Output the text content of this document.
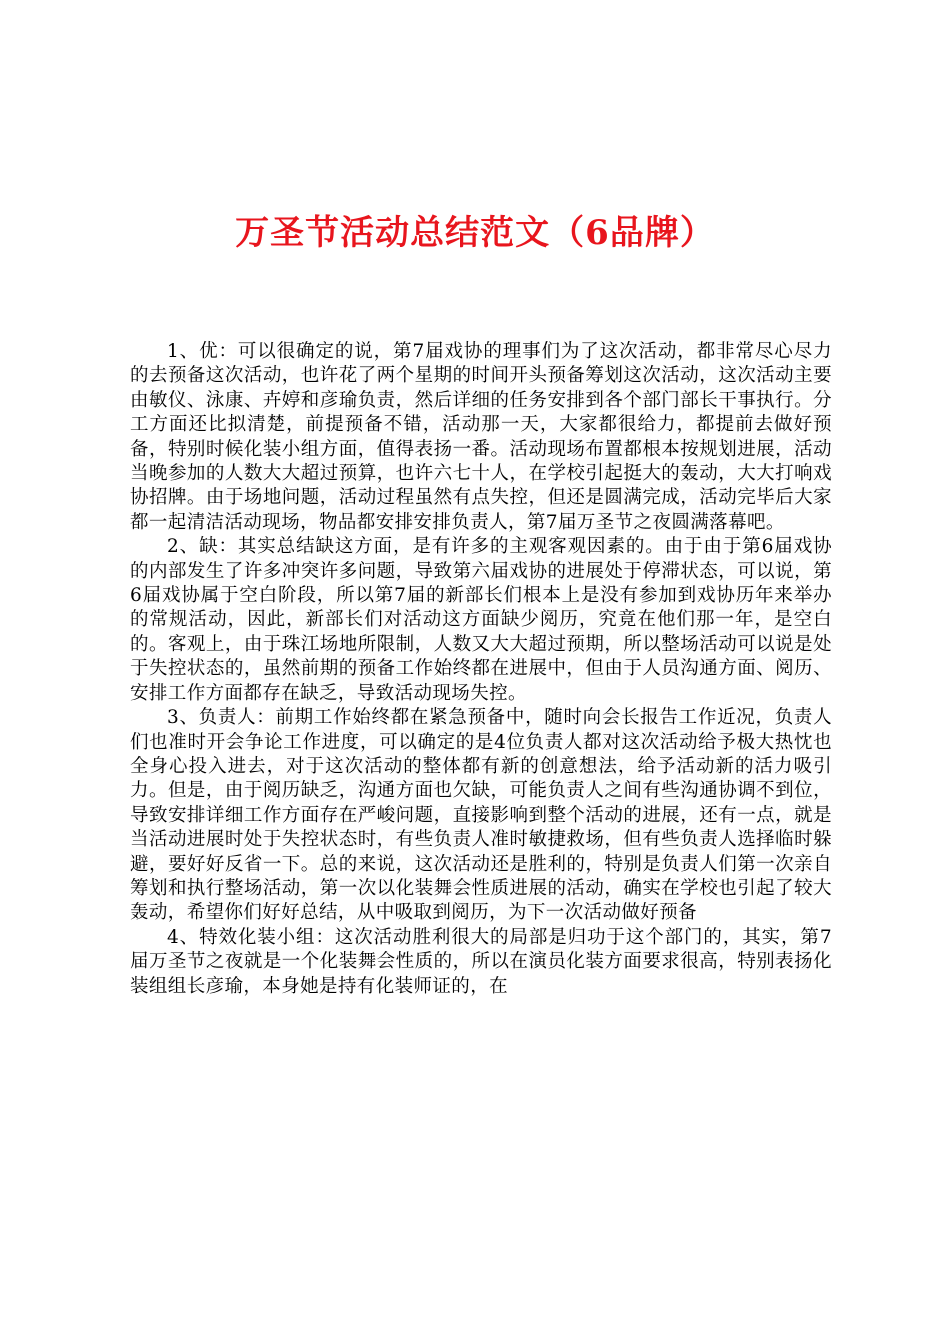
万圣节活动总结范文（6品牌）

1、优：可以很确定的说，第7届戏协的理事们为了这次活动，都非常尽心尽力的去预备这次活动，也许花了两个星期的时间开头预备筹划这次活动，这次活动主要由敏仪、泳康、卉婷和彦瑜负责，然后详细的任务安排到各个部门部长干事执行。分工方面还比拟清楚，前提预备不错，活动那一天，大家都很给力，都提前去做好预备，特别时候化装小组方面，值得表扬一番。活动现场布置都根本按规划进展，活动当晚参加的人数大大超过预算，也许六七十人，在学校引起挺大的轰动，大大打响戏协招牌。由于场地问题，活动过程虽然有点失控，但还是圆满完成，活动完毕后大家都一起清洁活动现场，物品都安排安排负责人，第7届万圣节之夜圆满落幕吧。

2、缺：其实总结缺这方面，是有许多的主观客观因素的。由于由于第6届戏协的内部发生了许多冲突许多问题，导致第六届戏协的进展处于停滞状态，可以说，第6届戏协属于空白阶段，所以第7届的新部长们根本上是没有参加到戏协历年来举办的常规活动，因此，新部长们对活动这方面缺少阅历，究竟在他们那一年，是空白的。客观上，由于珠江场地所限制，人数又大大超过预期，所以整场活动可以说是处于失控状态的，虽然前期的预备工作始终都在进展中，但由于人员沟通方面、阅历、安排工作方面都存在缺乏，导致活动现场失控。

3、负责人：前期工作始终都在紧急预备中，随时向会长报告工作近况，负责人们也准时开会争论工作进度，可以确定的是4位负责人都对这次活动给予极大热忱也全身心投入进去，对于这次活动的整体都有新的创意想法，给予活动新的活力吸引力。但是，由于阅历缺乏，沟通方面也欠缺，可能负责人之间有些沟通协调不到位，导致安排详细工作方面存在严峻问题，直接影响到整个活动的进展，还有一点，就是当活动进展时处于失控状态时，有些负责人准时敏捷救场，但有些负责人选择临时躲避，要好好反省一下。总的来说，这次活动还是胜利的，特别是负责人们第一次亲自筹划和执行整场活动，第一次以化装舞会性质进展的活动，确实在学校也引起了较大轰动，希望你们好好总结，从中吸取到阅历，为下一次活动做好预备

4、特效化装小组：这次活动胜利很大的局部是归功于这个部门的，其实，第7届万圣节之夜就是一个化装舞会性质的，所以在演员化装方面要求很高，特别表扬化装组组长彦瑜，本身她是持有化装师证的，在
